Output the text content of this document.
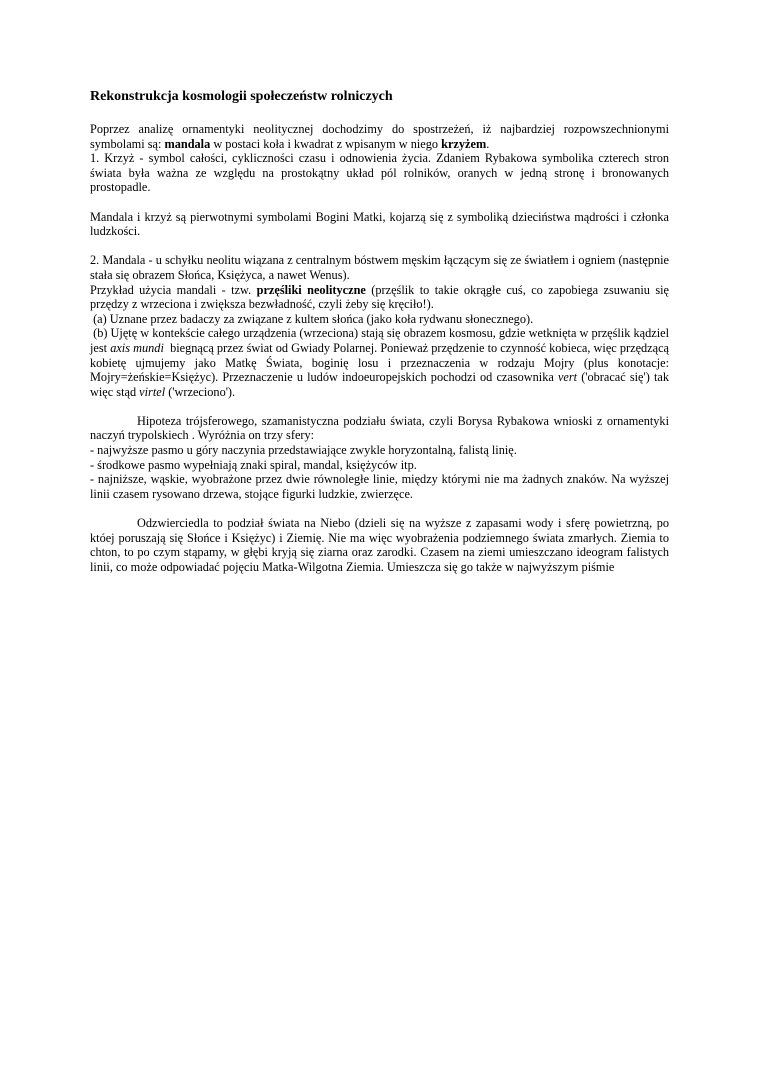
Rekonstrukcja kosmologii społeczeństw rolniczych

Poprzez analizę ornamentyki neolitycznej dochodzimy do spostrzeżeń, iż najbardziej rozpowszechnionymi symbolami są: mandala w postaci koła i kwadrat z wpisanym w niego krzyżem.

1. Krzyż - symbol całości, cykliczności czasu i odnowienia życia. Zdaniem Rybakowa symbolika czterech stron świata była ważna ze względu na prostokątny układ pól rolników, oranych w jedną stronę i bronowanych prostopadle.

Mandala i krzyż są pierwotnymi symbolami Bogini Matki, kojarzą się z symboliką dzieciństwa mądrości i członka ludzkości.

2. Mandala - u schyłku neolitu wiązana z centralnym bóstwem męskim łączącym się ze światłem i ogniem (następnie stała się obrazem Słońca, Księżyca, a nawet Wenus).

Przykład użycia mandali - tzw. przęśliki neolityczne (przęślik to takie okrągłe cuś, co zapobiega zsuwaniu się przędzy z wrzeciona i zwiększa bezwładność, czyli żeby się kręciło!).

(a) Uznane przez badaczy za związane z kultem słońca (jako koła rydwanu słonecznego).

(b) Ujętę w kontekście całego urządzenia (wrzeciona) stają się obrazem kosmosu, gdzie wetknięta w przęślik kądziel jest axis mundi  biegnącą przez świat od Gwiady Polarnej. Ponieważ przędzenie to czynność kobieca, więc przędzącą kobietę ujmujemy jako Matkę Świata, boginię losu i przeznaczenia w rodzaju Mojry (plus konotacje: Mojry=żeńskie=Księżyc). Przeznaczenie u ludów indoeuropejskich pochodzi od czasownika vert ('obracać się') tak więc stąd virtel ('wrzeciono').

Hipoteza trójsferowego, szamanistyczna podziału świata, czyli Borysa Rybakowa wnioski z ornamentyki naczyń trypolskiech . Wyróżnia on trzy sfery:

- najwyższe pasmo u góry naczynia przedstawiające zwykle horyzontalną, falistą linię.

- środkowe pasmo wypełniają znaki spiral, mandal, księżyców itp.

- najniższe, wąskie, wyobrażone przez dwie równoległe linie, między którymi nie ma żadnych znaków. Na wyższej linii czasem rysowano drzewa, stojące figurki ludzkie, zwierzęce.

Odzwierciedla to podział świata na Niebo (dzieli się na wyższe z zapasami wody i sferę powietrzną, po któej poruszają się Słońce i Księżyc) i Ziemię. Nie ma więc wyobrażenia podziemnego świata zmarłych. Ziemia to chton, to po czym stąpamy, w głębi kryją się ziarna oraz zarodki. Czasem na ziemi umieszczano ideogram falistych linii, co może odpowiadać pojęciu Matka-Wilgotna Ziemia. Umieszcza się go także w najwyższym piśmie
